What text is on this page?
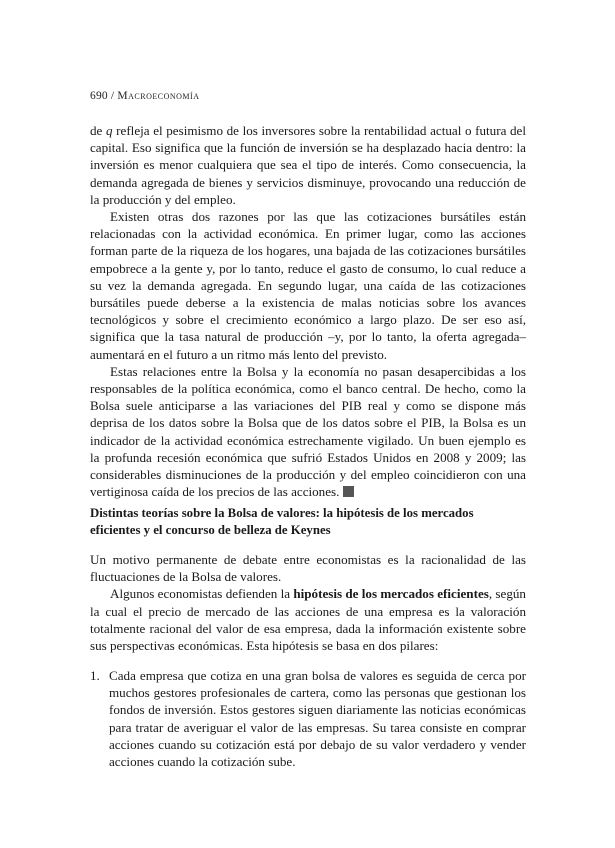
690 / Macroeconomía

de q refleja el pesimismo de los inversores sobre la rentabilidad actual o futura del capital. Eso significa que la función de inversión se ha desplazado hacia dentro: la inversión es menor cualquiera que sea el tipo de interés. Como consecuencia, la demanda agregada de bienes y servicios disminuye, provocando una reducción de la producción y del empleo.

Existen otras dos razones por las que las cotizaciones bursátiles están relacionadas con la actividad económica. En primer lugar, como las acciones forman parte de la riqueza de los hogares, una bajada de las cotizaciones bursátiles empobrece a la gente y, por lo tanto, reduce el gasto de consumo, lo cual reduce a su vez la demanda agregada. En segundo lugar, una caída de las cotizaciones bursátiles puede deberse a la existencia de malas noticias sobre los avances tecnológicos y sobre el crecimiento económico a largo plazo. De ser eso así, significa que la tasa natural de producción –y, por lo tanto, la oferta agregada– aumentará en el futuro a un ritmo más lento del previsto.

Estas relaciones entre la Bolsa y la economía no pasan desapercibidas a los responsables de la política económica, como el banco central. De hecho, como la Bolsa suele anticiparse a las variaciones del PIB real y como se dispone más deprisa de los datos sobre la Bolsa que de los datos sobre el PIB, la Bolsa es un indicador de la actividad económica estrechamente vigilado. Un buen ejemplo es la profunda recesión económica que sufrió Estados Unidos en 2008 y 2009; las considerables disminuciones de la producción y del empleo coincidieron con una vertiginosa caída de los precios de las acciones.

Distintas teorías sobre la Bolsa de valores: la hipótesis de los mercados eficientes y el concurso de belleza de Keynes

Un motivo permanente de debate entre economistas es la racionalidad de las fluctuaciones de la Bolsa de valores.

Algunos economistas defienden la hipótesis de los mercados eficientes, según la cual el precio de mercado de las acciones de una empresa es la valoración totalmente racional del valor de esa empresa, dada la información existente sobre sus perspectivas económicas. Esta hipótesis se basa en dos pilares:

1. Cada empresa que cotiza en una gran bolsa de valores es seguida de cerca por muchos gestores profesionales de cartera, como las personas que gestionan los fondos de inversión. Estos gestores siguen diariamente las noticias económicas para tratar de averiguar el valor de las empresas. Su tarea consiste en comprar acciones cuando su cotización está por debajo de su valor verdadero y vender acciones cuando la cotización sube.
